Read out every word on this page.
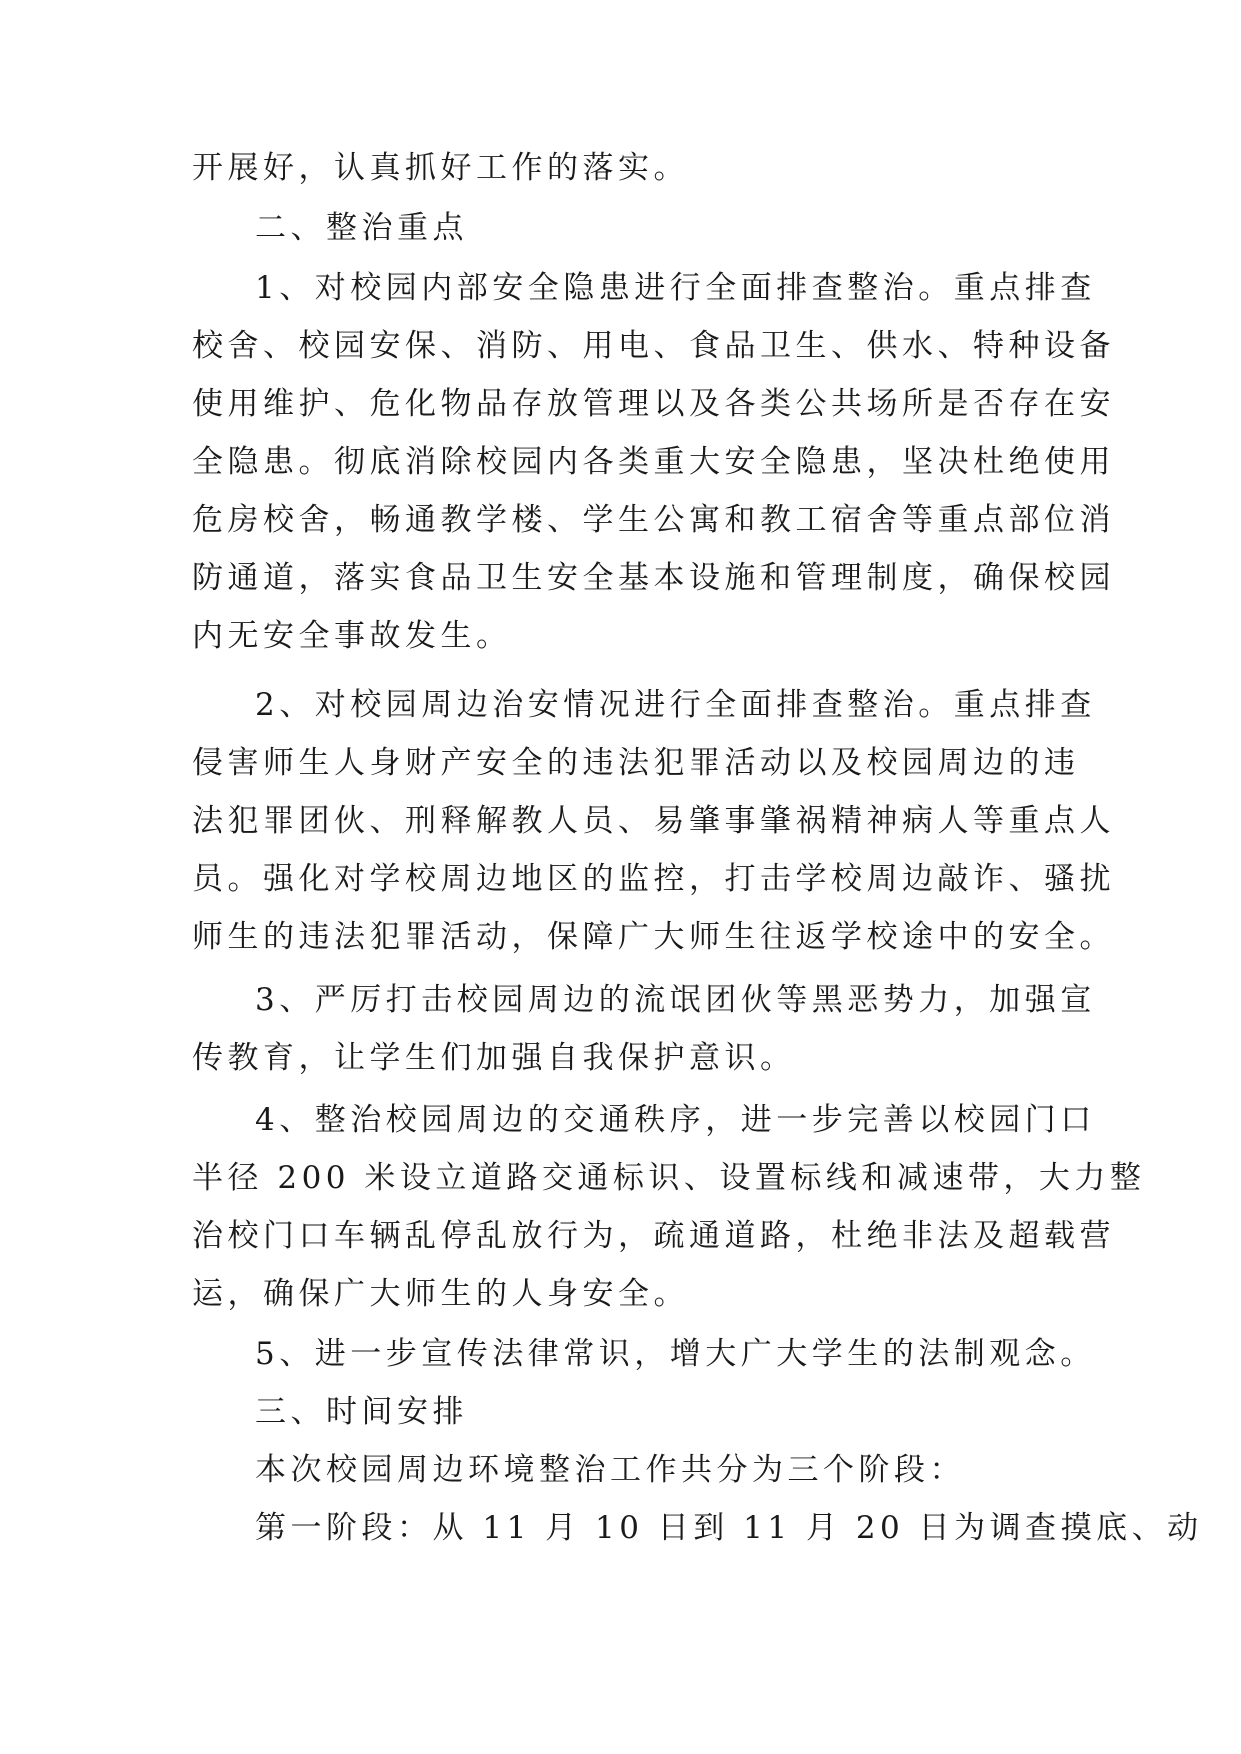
开展好，认真抓好工作的落实。
二、整治重点
1、对校园内部安全隐患进行全面排查整治。重点排查
校舍、校园安保、消防、用电、食品卫生、供水、特种设备
使用维护、危化物品存放管理以及各类公共场所是否存在安
全隐患。彻底消除校园内各类重大安全隐患，坚决杜绝使用
危房校舍，畅通教学楼、学生公寓和教工宿舍等重点部位消
防通道，落实食品卫生安全基本设施和管理制度，确保校园
内无安全事故发生。
2、对校园周边治安情况进行全面排查整治。重点排查
侵害师生人身财产安全的违法犯罪活动以及校园周边的违
法犯罪团伙、刑释解教人员、易肇事肇祸精神病人等重点人
员。强化对学校周边地区的监控，打击学校周边敲诈、骚扰
师生的违法犯罪活动，保障广大师生往返学校途中的安全。
3、严厉打击校园周边的流氓团伙等黑恶势力，加强宣
传教育，让学生们加强自我保护意识。
4、整治校园周边的交通秩序，进一步完善以校园门口
半径 200 米设立道路交通标识、设置标线和减速带，大力整
治校门口车辆乱停乱放行为，疏通道路，杜绝非法及超载营
运，确保广大师生的人身安全。
5、进一步宣传法律常识，增大广大学生的法制观念。
三、时间安排
本次校园周边环境整治工作共分为三个阶段：
第一阶段：从 11 月 10 日到 11 月 20 日为调查摸底、动
